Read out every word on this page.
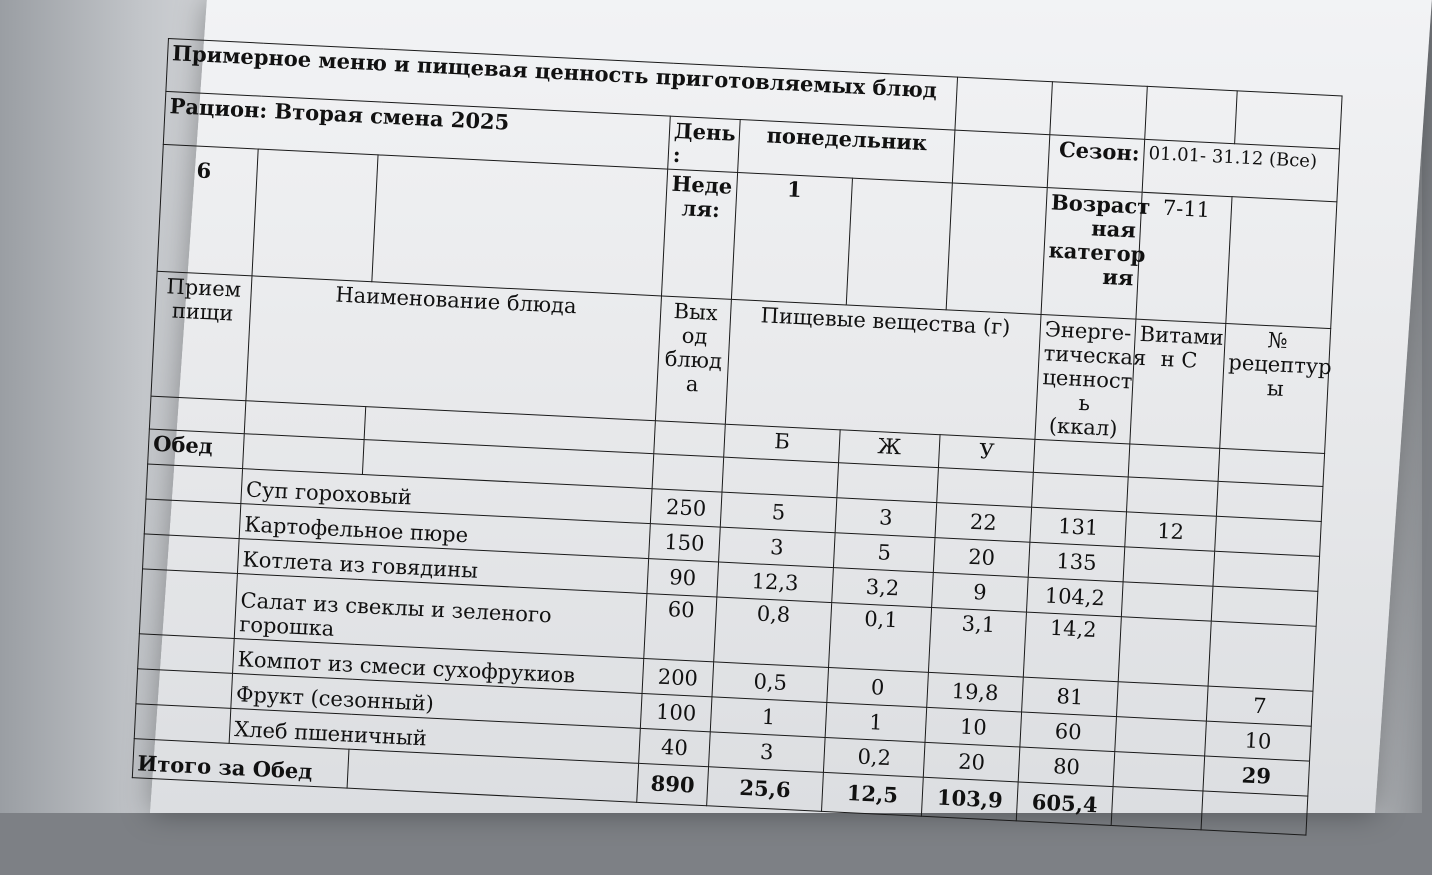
Примерное меню и пищевая ценность приготовляемых блюд									
Рацион: Вторая смена 2025			День :	понедельник			Сезон:	01.01- 31.12 (Все)	
6			Неде ля:	1			Возраст ная категор ия	7-11	
Прием пищи	Наименование блюда		Вых од блюд а	Пищевые вещества (г)			Энерге- тическая ценност ь (ккал)	Витами н С	№ рецептур ы
				Б	Ж	У			
Обед									
	Суп гороховый		250	5	3	22	131	12	
	Картофельное пюре		150	3	5	20	135		
	Котлета из говядины		90	12,3	3,2	9	104,2		
	Салат из свеклы и зеленого горошка		60	0,8	0,1	3,1	14,2		
	Компот из смеси сухофрукиов		200	0,5	0	19,8	81		7
	Фрукт (сезонный)		100	1	1	10	60		10
	Хлеб пшеничный		40	3	0,2	20	80		29
Итого за Обед			890	25,6	12,5	103,9	605,4		
